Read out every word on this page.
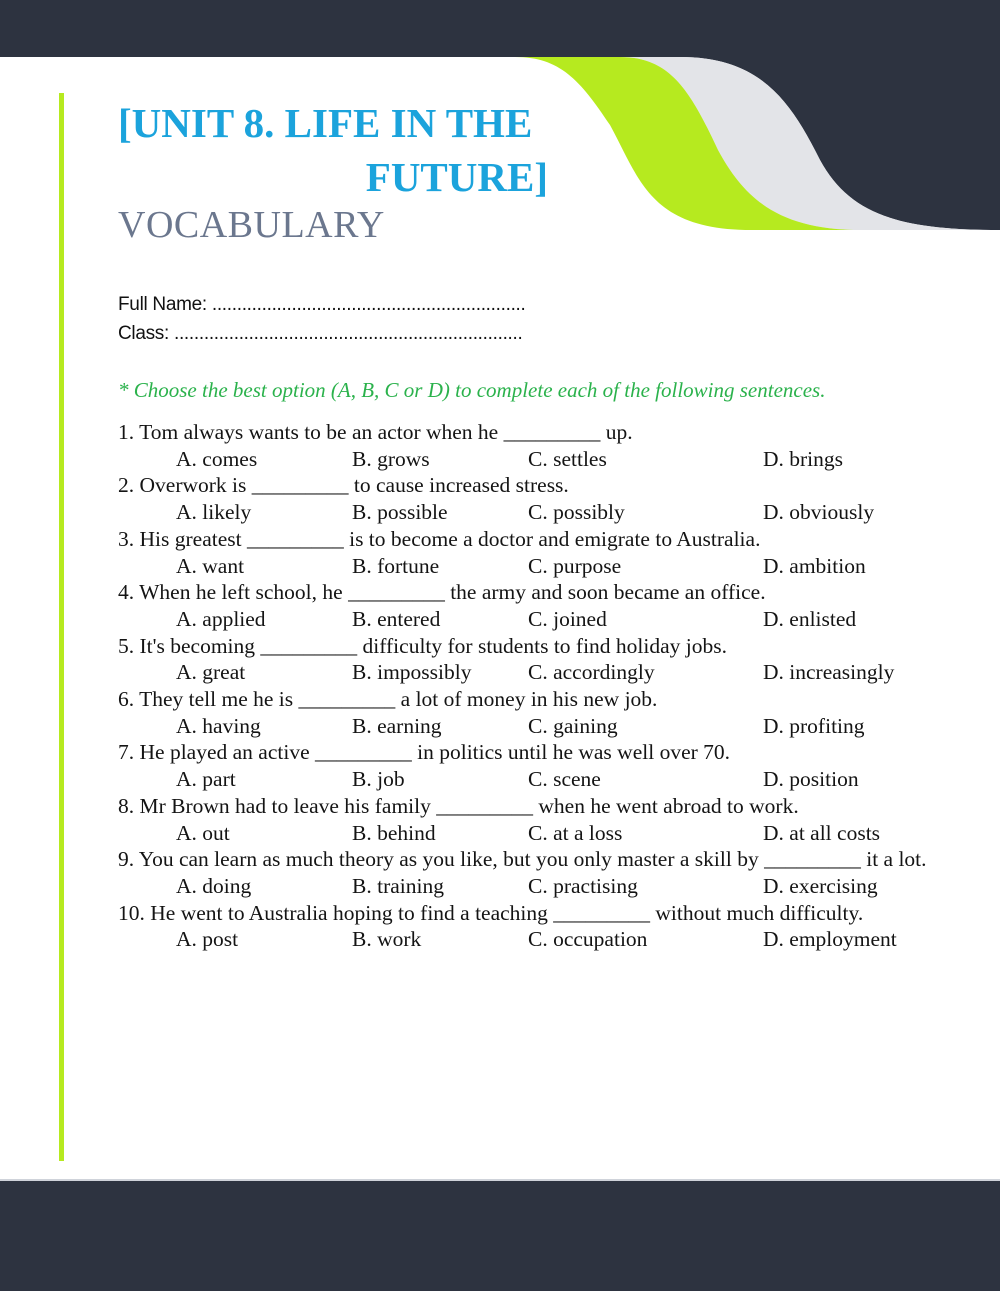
[UNIT 8. LIFE IN THE
FUTURE]
VOCABULARY
Full Name: ...............................................................
Class: ......................................................................
* Choose the best option (A, B, C or D) to complete each of the following sentences.
1. Tom always wants to be an actor when he _________ up.
A. comes	B. grows	C. settles	D. brings
2. Overwork is _________ to cause increased stress.
A. likely	B. possible	C. possibly	D. obviously
3. His greatest _________ is to become a doctor and emigrate to Australia.
A. want	B. fortune	C. purpose	D. ambition
4. When he left school, he _________ the army and soon became an office.
A. applied	B. entered	C. joined	D. enlisted
5. It's becoming _________ difficulty for students to find holiday jobs.
A. great	B. impossibly	C. accordingly	D. increasingly
6. They tell me he is _________ a lot of money in his new job.
A. having	B. earning	C. gaining	D. profiting
7. He played an active _________ in politics until he was well over 70.
A. part	B. job	C. scene	D. position
8. Mr Brown had to leave his family _________ when he went abroad to work.
A. out	B. behind	C. at a loss	D. at all costs
9. You can learn as much theory as you like, but you only master a skill by _________ it a lot.
A. doing	B. training	C. practising	D. exercising
10. He went to Australia hoping to find a teaching _________ without much difficulty.
A. post	B. work	C. occupation	D. employment
